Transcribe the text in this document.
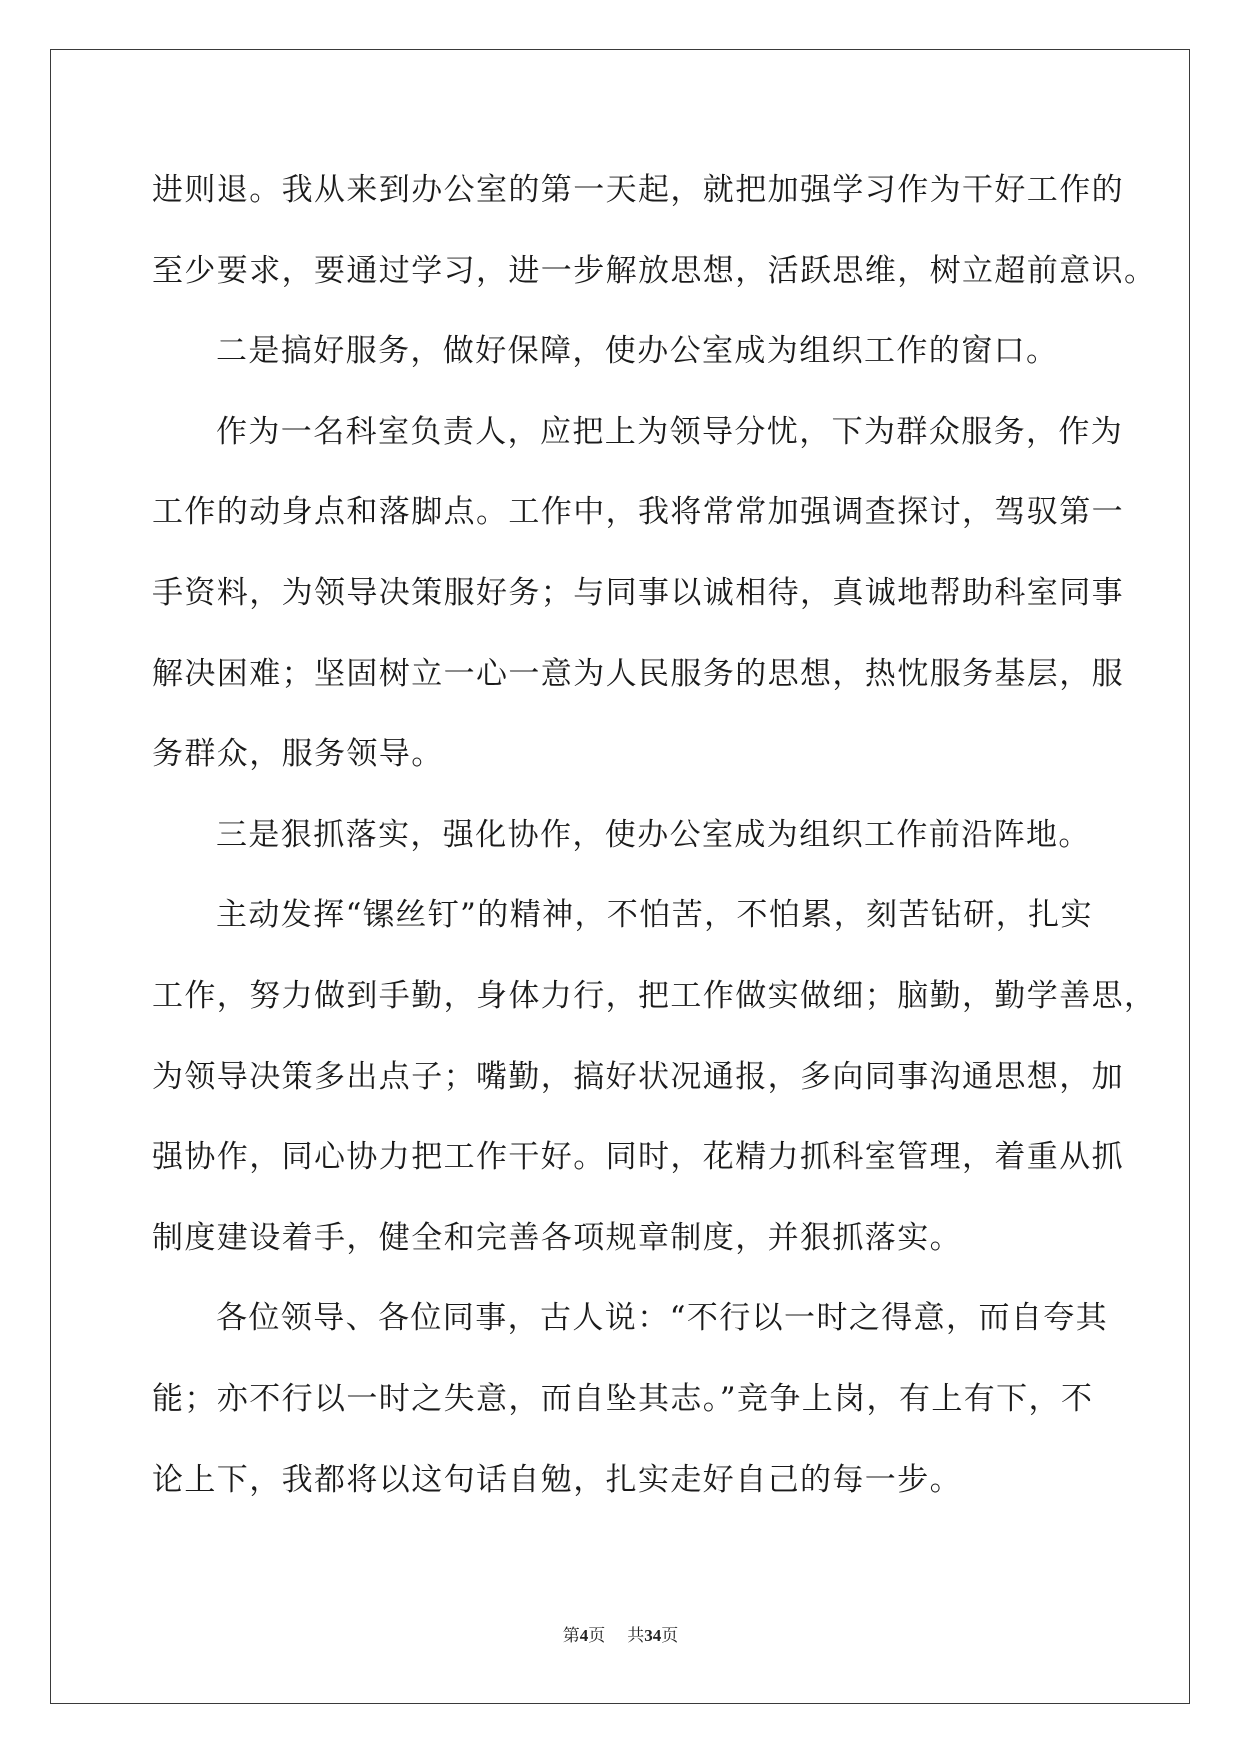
进则退。我从来到办公室的第一天起，就把加强学习作为干好工作的
至少要求，要通过学习，进一步解放思想，活跃思维，树立超前意识。
二是搞好服务，做好保障，使办公室成为组织工作的窗口。
作为一名科室负责人，应把上为领导分忧，下为群众服务，作为
工作的动身点和落脚点。工作中，我将常常加强调查探讨，驾驭第一
手资料，为领导决策服好务；与同事以诚相待，真诚地帮助科室同事
解决困难；坚固树立一心一意为人民服务的思想，热忱服务基层，服
务群众，服务领导。
三是狠抓落实，强化协作，使办公室成为组织工作前沿阵地。
主动发挥“镙丝钉”的精神，不怕苦，不怕累，刻苦钻研，扎实
工作，努力做到手勤，身体力行，把工作做实做细；脑勤，勤学善思，
为领导决策多出点子；嘴勤，搞好状况通报，多向同事沟通思想，加
强协作，同心协力把工作干好。同时，花精力抓科室管理，着重从抓
制度建设着手，健全和完善各项规章制度，并狠抓落实。
各位领导、各位同事，古人说：“不行以一时之得意，而自夸其
能；亦不行以一时之失意，而自坠其志。”竞争上岗，有上有下，不
论上下，我都将以这句话自勉，扎实走好自己的每一步。
第4页 共34页
